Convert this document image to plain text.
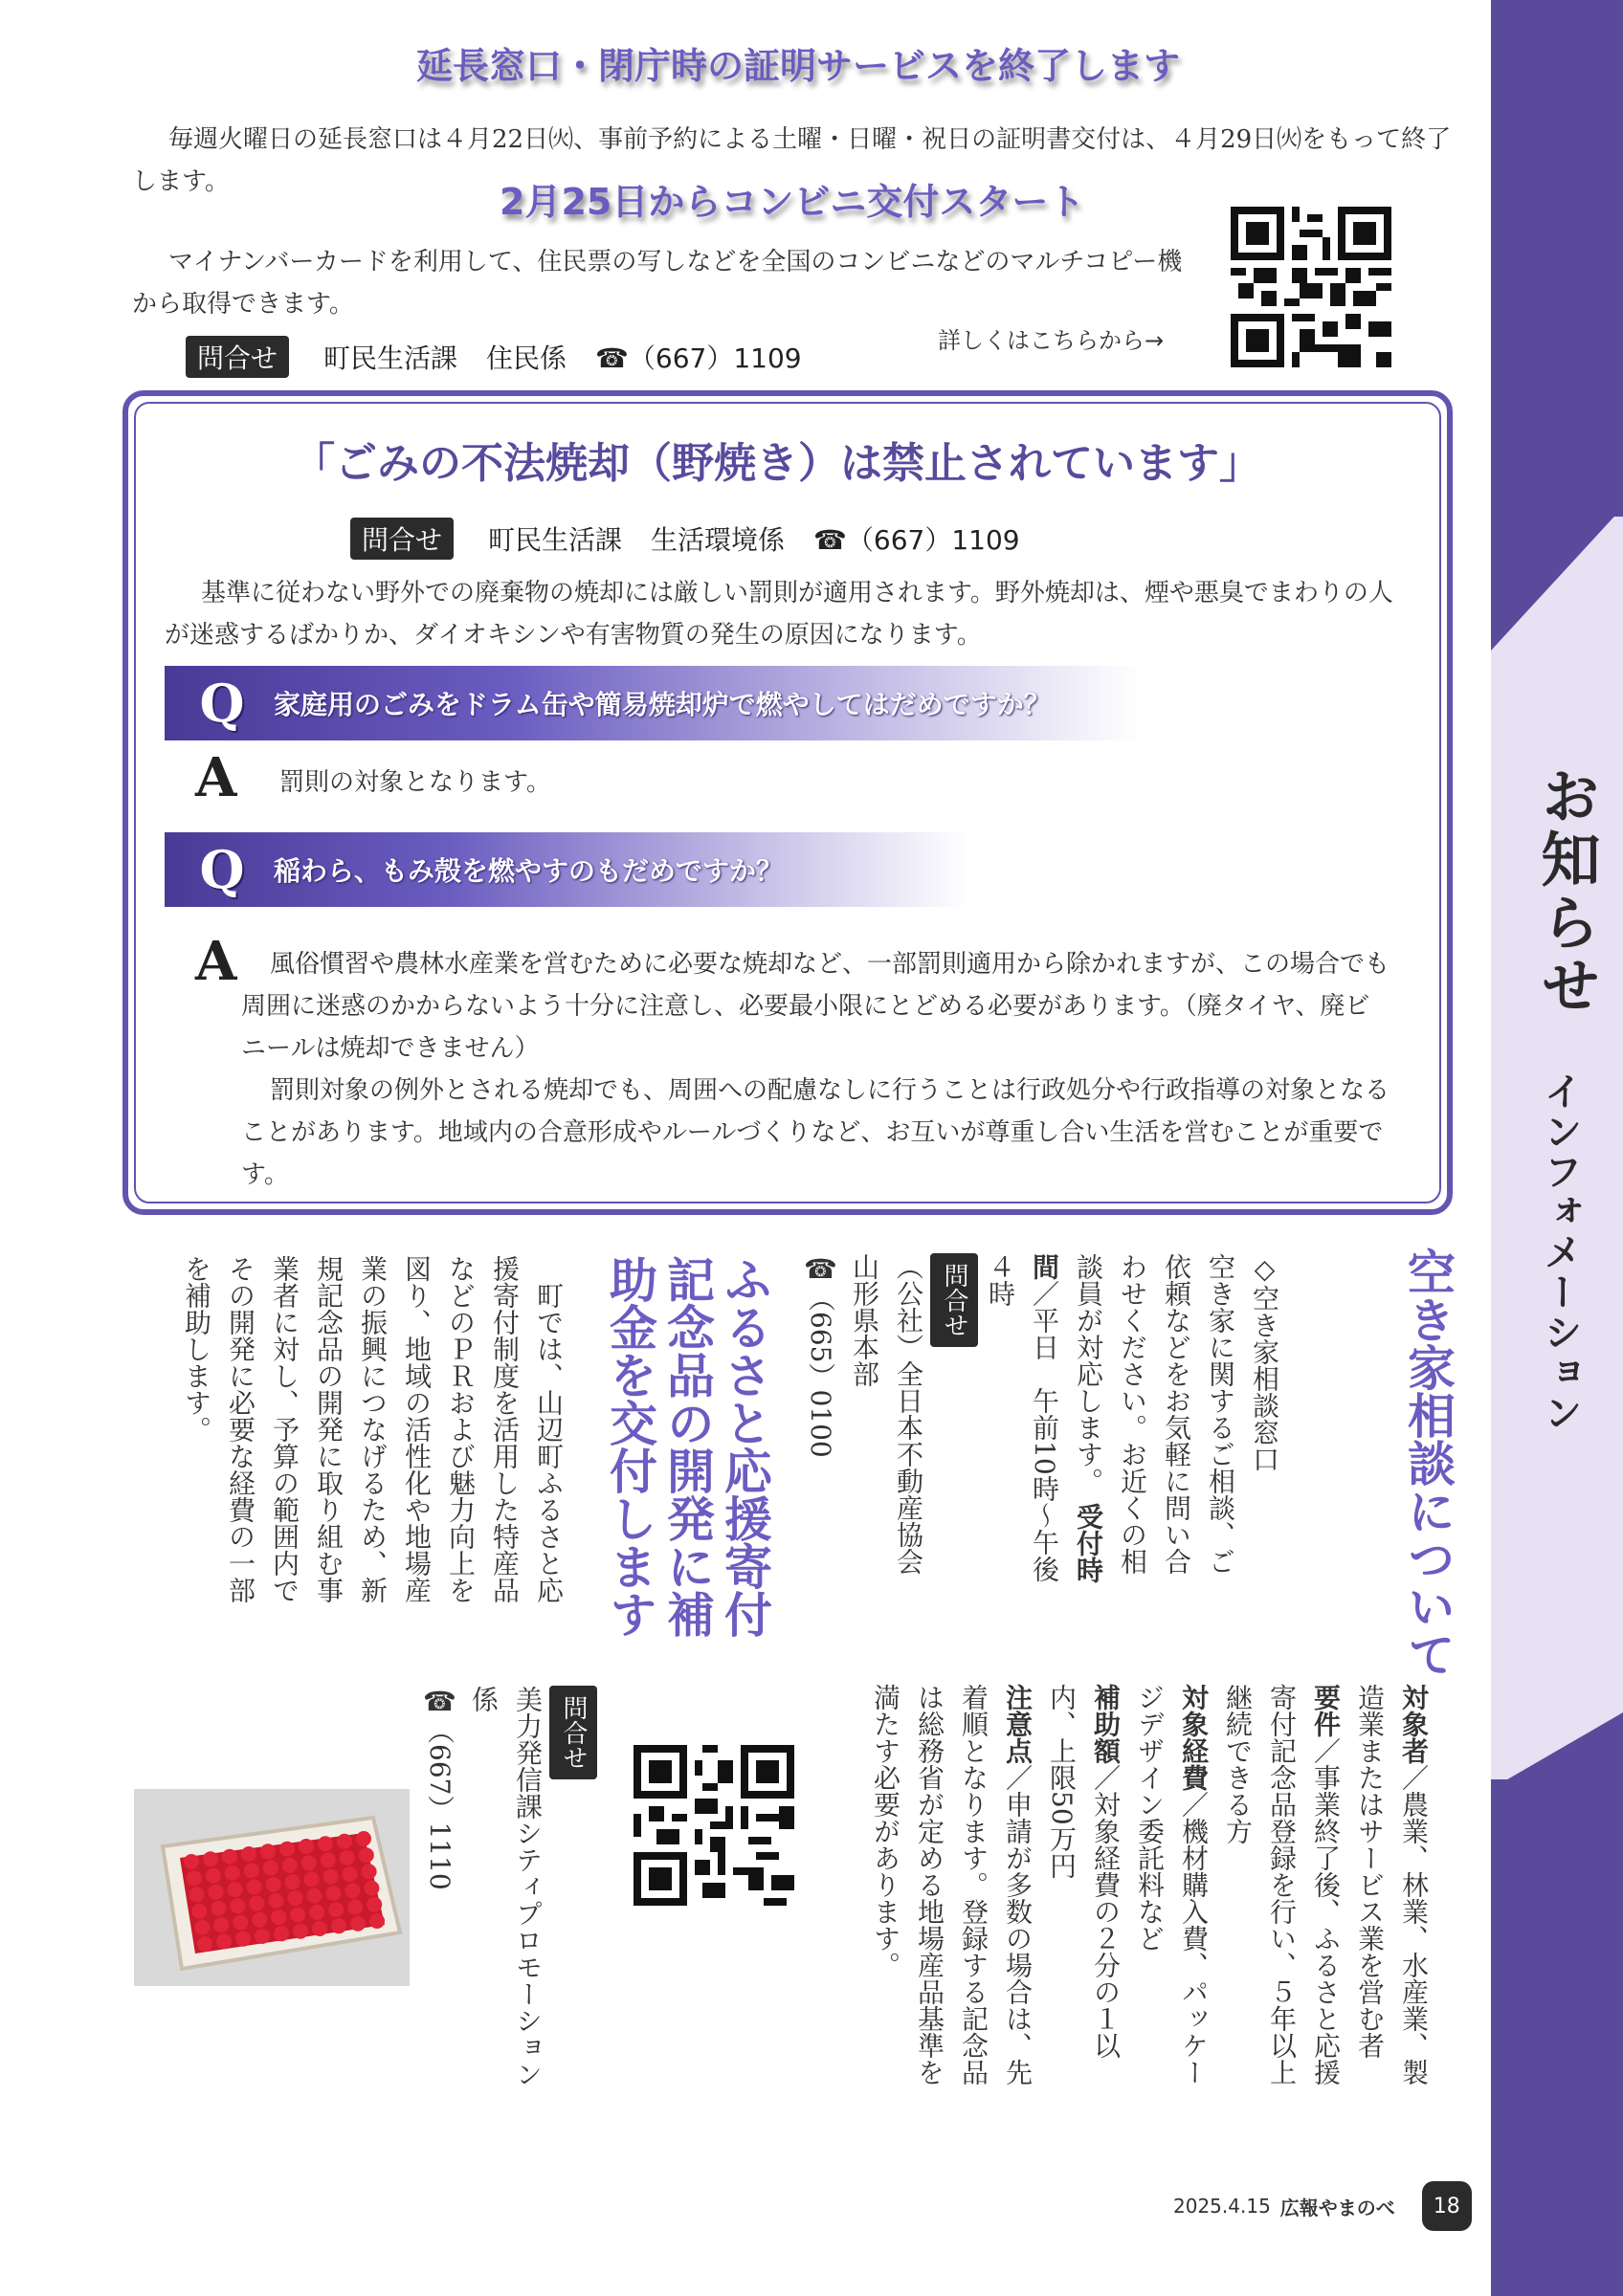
お知らせ
インフォメーション
延長窓口・閉庁時の証明サービスを終了します
毎週火曜日の延長窓口は４月22日㈫、事前予約による土曜・日曜・祝日の証明書交付は、４月29日㈫をもって終了します。	2月25日からコンビニ交付スタート
マイナンバーカードを利用して、住民票の写しなどを全国のコンビニなどのマルチコピー機から取得できます。
問合せ	町民生活課 住民係 ☎（667）1109
詳しくはこちらから→
「ごみの不法焼却（野焼き）は禁止されています」
問合せ	町民生活課 生活環境係 ☎（667）1109
基準に従わない野外での廃棄物の焼却には厳しい罰則が適用されます。野外焼却は、煙や悪臭でまわりの人が迷惑するばかりか、ダイオキシンや有害物質の発生の原因になります。
Q 家庭用のごみをドラム缶や簡易焼却炉で燃やしてはだめですか？
A 罰則の対象となります。
Q 稲わら、もみ殻を燃やすのもだめですか？
A	風俗慣習や農林水産業を営むために必要な焼却など、一部罰則適用から除かれますが、この場合でも周囲に迷惑のかからないよう十分に注意し、必要最小限にとどめる必要があります。（廃タイヤ、廃ビニールは焼却できません）
罰則対象の例外とされる焼却でも、周囲への配慮なしに行うことは行政処分や行政指導の対象となることがあります。地域内の合意形成やルールづくりなど、お互いが尊重し合い生活を営むことが重要です。
空き家相談について
◇空き家相談窓口
空き家に関するご相談、ご依頼などをお気軽に問い合わせください。お近くの相談員が対応します。 受付時間／平日　午前10時～午後４時
問合せ
（公社）全日本不動産協会山形県本部
☎（665）0100
ふるさと応援寄付
記念品の開発に補
助金を交付します
町では、山辺町ふるさと応援寄付制度を活用した特産品などのＰＲおよび魅力向上を図り、地域の活性化や地場産業の振興につなげるため、新規記念品の開発に取り組む事業者に対し、予算の範囲内でその開発に必要な経費の一部を補助します。
対象者／農業、林業、水産業、製造業またはサービス業を営む者
要件／事業終了後、ふるさと応援寄付記念品登録を行い、５年以上継続できる方
対象経費／機材購入費、パッケージデザイン委託料など
補助額／対象経費の２分の１以内、上限50万円
注意点／申請が多数の場合は、先着順となります。登録する記念品は総務省が定める地場産品基準を満たす必要があります。
問合せ
美力発信課シティプロモーション係
☎（667）1110
2025.4.15 広報やまのべ	18
